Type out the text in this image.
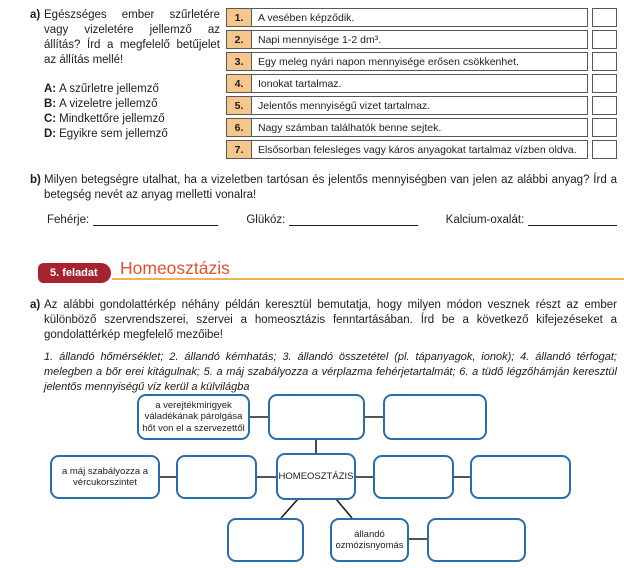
a) Egészséges ember szűrletére vagy vizeletére jellemző az állítás? Írd a megfelelő betűjelet az állítás mellé!
A: A szűrletre jellemző
B: A vizeletre jellemző
C: Mindkettőre jellemző
D: Egyikre sem jellemző
1.	A vesében képződik.
2.	Napi mennyisége 1-2 dm³.
3.	Egy meleg nyári napon mennyisége erősen csökkenhet.
4.	Ionokat tartalmaz.
5.	Jelentős mennyiségű vizet tartalmaz.
6.	Nagy számban találhatók benne sejtek.
7.	Elsősorban felesleges vagy káros anyagokat tartalmaz vízben oldva.
b) Milyen betegségre utalhat, ha a vizeletben tartósan és jelentős mennyiségben van jelen az alábbi anyag? Írd a betegség nevét az anyag melletti vonalra!
Fehérje:	Glükóz:	Kalcium-oxalát:
5. feladat	Homeosztázis
a) Az alábbi gondolattérkép néhány példán keresztül bemutatja, hogy milyen módon vesznek részt az ember különböző szervrendszerei, szervei a homeosztázis fenntartásában. Írd be a következő kifejezéseket a gondolattérkép megfelelő mezőibe!
1. állandó hőmérséklet; 2. állandó kémhatás; 3. állandó összetétel (pl. tápanyagok, ionok); 4. állandó térfogat; melegben a bőr erei kitágulnak; 5. a máj szabályozza a vérplazma fehérjetartalmát; 6. a tüdő légzőhámján keresztül jelentős mennyiségű víz kerül a külvilágba
a verejtékmirigyek váladékának párolgása hőt von el a szervezettől
a máj szabályozza a vércukorszintet
HOMEOSZTÁZIS
állandó ozmózisnyomás
